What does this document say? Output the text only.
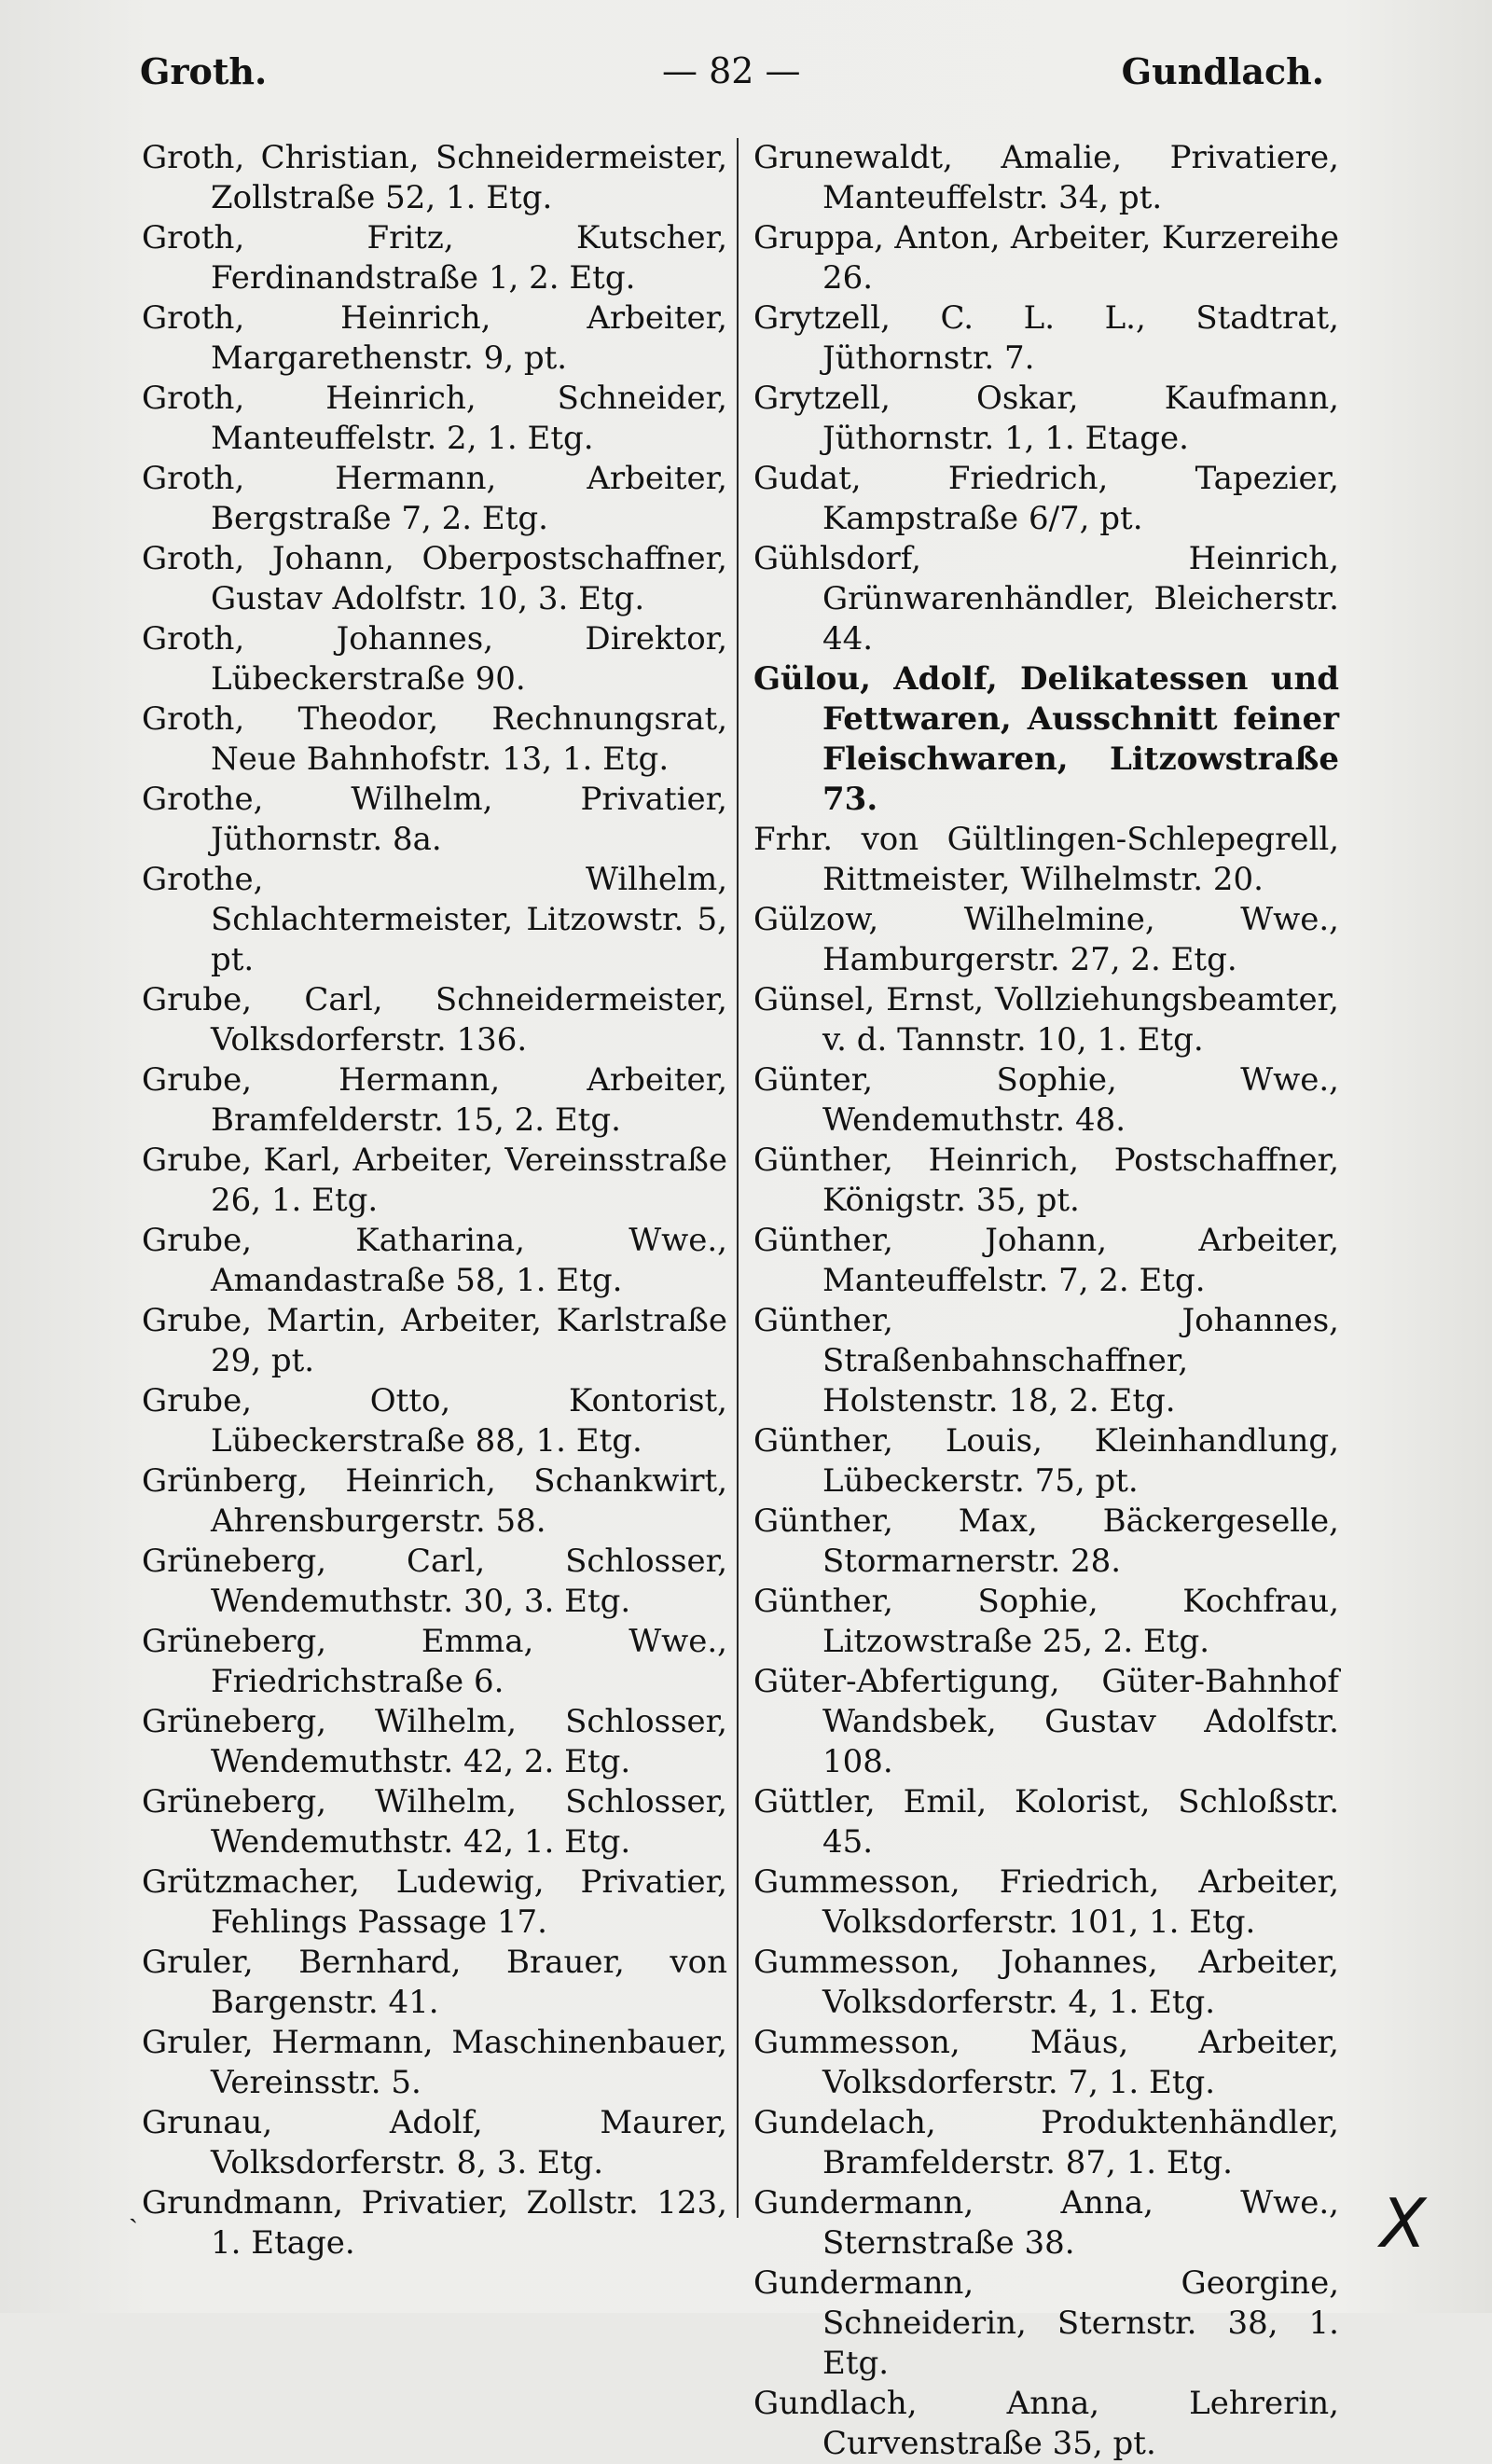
Groth.	— 82 —	Gundlach.

Groth, Christian, Schneidermeister, Zollstraße 52, 1. Etg.

Groth, Fritz, Kutscher, Ferdinandstraße 1, 2. Etg.

Groth, Heinrich, Arbeiter, Margarethenstr. 9, pt.

Groth, Heinrich, Schneider, Manteuffelstr. 2, 1. Etg.

Groth, Hermann, Arbeiter, Bergstraße 7, 2. Etg.

Groth, Johann, Oberpostschaffner, Gustav Adolfstr. 10, 3. Etg.

Groth, Johannes, Direktor, Lübeckerstraße 90.

Groth, Theodor, Rechnungsrat, Neue Bahnhofstr. 13, 1. Etg.

Grothe, Wilhelm, Privatier, Jüthornstr. 8a.

Grothe, Wilhelm, Schlachtermeister, Litzowstr. 5, pt.

Grube, Carl, Schneidermeister, Volksdorferstr. 136.

Grube, Hermann, Arbeiter, Bramfelderstr. 15, 2. Etg.

Grube, Karl, Arbeiter, Vereinsstraße 26, 1. Etg.

Grube, Katharina, Wwe., Amandastraße 58, 1. Etg.

Grube, Martin, Arbeiter, Karlstraße 29, pt.

Grube, Otto, Kontorist, Lübeckerstraße 88, 1. Etg.

Grünberg, Heinrich, Schankwirt, Ahrensburgerstr. 58.

Grüneberg, Carl, Schlosser, Wendemuthstr. 30, 3. Etg.

Grüneberg, Emma, Wwe., Friedrichstraße 6.

Grüneberg, Wilhelm, Schlosser, Wendemuthstr. 42, 2. Etg.

Grüneberg, Wilhelm, Schlosser, Wendemuthstr. 42, 1. Etg.

Grützmacher, Ludewig, Privatier, Fehlings Passage 17.

Gruler, Bernhard, Brauer, von Bargenstr. 41.

Gruler, Hermann, Maschinenbauer, Vereinsstr. 5.

Grunau, Adolf, Maurer, Volksdorferstr. 8, 3. Etg.

Grundmann, Privatier, Zollstr. 123, 1. Etage.

Grunewaldt, Amalie, Privatiere, Manteuffelstr. 34, pt.

Gruppa, Anton, Arbeiter, Kurzereihe 26.

Grytzell, C. L. L., Stadtrat, Jüthornstr. 7.

Grytzell, Oskar, Kaufmann, Jüthornstr. 1, 1. Etage.

Gudat, Friedrich, Tapezier, Kampstraße 6/7, pt.

Gühlsdorf, Heinrich, Grünwarenhändler, Bleicherstr. 44.

Gülou, Adolf, Delikatessen und Fettwaren, Ausschnitt feiner Fleischwaren, Litzowstraße 73.

Frhr. von Gültlingen-Schlepegrell, Rittmeister, Wilhelmstr. 20.

Gülzow, Wilhelmine, Wwe., Hamburgerstr. 27, 2. Etg.

Günsel, Ernst, Vollziehungsbeamter, v. d. Tannstr. 10, 1. Etg.

Günter, Sophie, Wwe., Wendemuthstr. 48.

Günther, Heinrich, Postschaffner, Königstr. 35, pt.

Günther, Johann, Arbeiter, Manteuffelstr. 7, 2. Etg.

Günther, Johannes, Straßenbahnschaffner, Holstenstr. 18, 2. Etg.

Günther, Louis, Kleinhandlung, Lübeckerstr. 75, pt.

Günther, Max, Bäckergeselle, Stormarnerstr. 28.

Günther, Sophie, Kochfrau, Litzowstraße 25, 2. Etg.

Güter-Abfertigung, Güter-Bahnhof Wandsbek, Gustav Adolfstr. 108.

Güttler, Emil, Kolorist, Schloßstr. 45.

Gummesson, Friedrich, Arbeiter, Volksdorferstr. 101, 1. Etg.

Gummesson, Johannes, Arbeiter, Volksdorferstr. 4, 1. Etg.

Gummesson, Mäus, Arbeiter, Volksdorferstr. 7, 1. Etg.

Gundelach, Produktenhändler, Bramfelderstr. 87, 1. Etg.

Gundermann, Anna, Wwe., Sternstraße 38.

Gundermann, Georgine, Schneiderin, Sternstr. 38, 1. Etg.

Gundlach, Anna, Lehrerin, Curvenstraße 35, pt.

ˎ	X
